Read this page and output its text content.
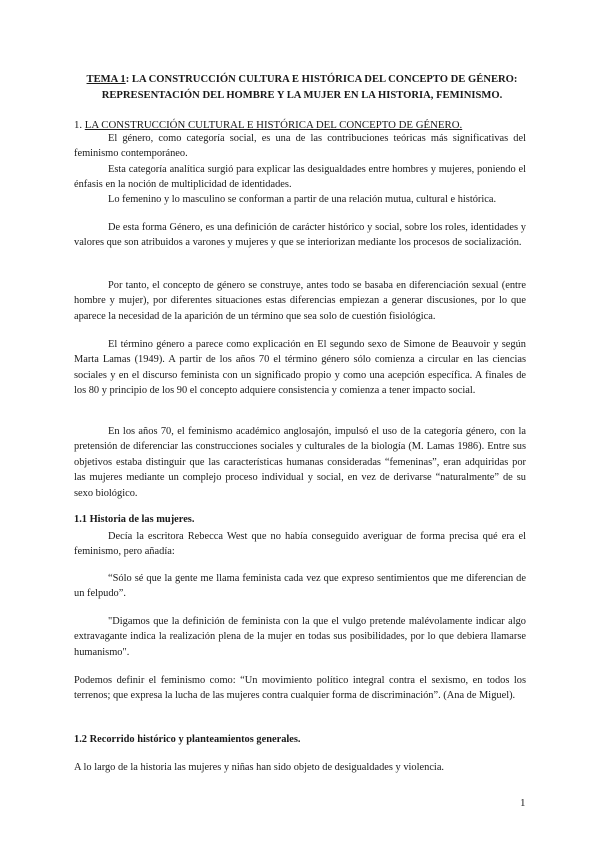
TEMA 1: LA CONSTRUCCIÓN CULTURA E HISTÓRICA DEL CONCEPTO DE GÉNERO: REPRESENTACIÓN DEL HOMBRE Y LA MUJER EN LA HISTORIA, FEMINISMO.
1. LA CONSTRUCCIÓN CULTURAL E HISTÓRICA DEL CONCEPTO DE GÉNERO.

El género, como categoría social, es una de las contribuciones teóricas más significativas del feminismo contemporáneo.

Esta categoría analítica surgió para explicar las desigualdades entre hombres y mujeres, poniendo el énfasis en la noción de multiplicidad de identidades.

Lo femenino y lo masculino se conforman a partir de una relación mutua, cultural e histórica.

De esta forma Género, es una definición de carácter histórico y social, sobre los roles, identidades y valores que son atribuidos a varones y mujeres y que se interiorizan mediante los procesos de socialización.

Por tanto, el concepto de género se construye, antes todo se basaba en diferenciación sexual (entre hombre y mujer), por diferentes situaciones estas diferencias empiezan a generar discusiones, por lo que aparece la necesidad de la aparición de un término que sea solo de cuestión fisiológica.

El término género a parece como explicación en El segundo sexo de Simone de Beauvoir y según Marta Lamas (1949). A partir de los años 70 el término género sólo comienza a circular en las ciencias sociales y en el discurso feminista con un significado propio y como una acepción específica. A finales de los 80 y principio de los 90 el concepto adquiere consistencia y comienza a tener impacto social.

En los años 70, el feminismo académico anglosajón, impulsó el uso de la categoría género, con la pretensión de diferenciar las construcciones sociales y culturales de la biología (M. Lamas 1986). Entre sus objetivos estaba distinguir que las características humanas consideradas “femeninas”, eran adquiridas por las mujeres mediante un complejo proceso individual y social, en vez de derivarse “naturalmente” de su sexo biológico.

1.1 Historia de las mujeres.

Decía la escritora Rebecca West que no había conseguido averiguar de forma precisa qué era el feminismo, pero añadía:

“Sólo sé que la gente me llama feminista cada vez que expreso sentimientos que me diferencian de un felpudo”.

"Digamos que la definición de feminista con la que el vulgo pretende malévolamente indicar algo extravagante indica la realización plena de la mujer en todas sus posibilidades, por lo que debiera llamarse humanismo".

Podemos definir el feminismo como: “Un movimiento político integral contra el sexismo, en todos los terrenos; que expresa la lucha de las mujeres contra cualquier forma de discriminación”. (Ana de Miguel).

1.2 Recorrido histórico y planteamientos generales.

A lo largo de la historia las mujeres y niñas han sido objeto de desigualdades y violencia.

1
